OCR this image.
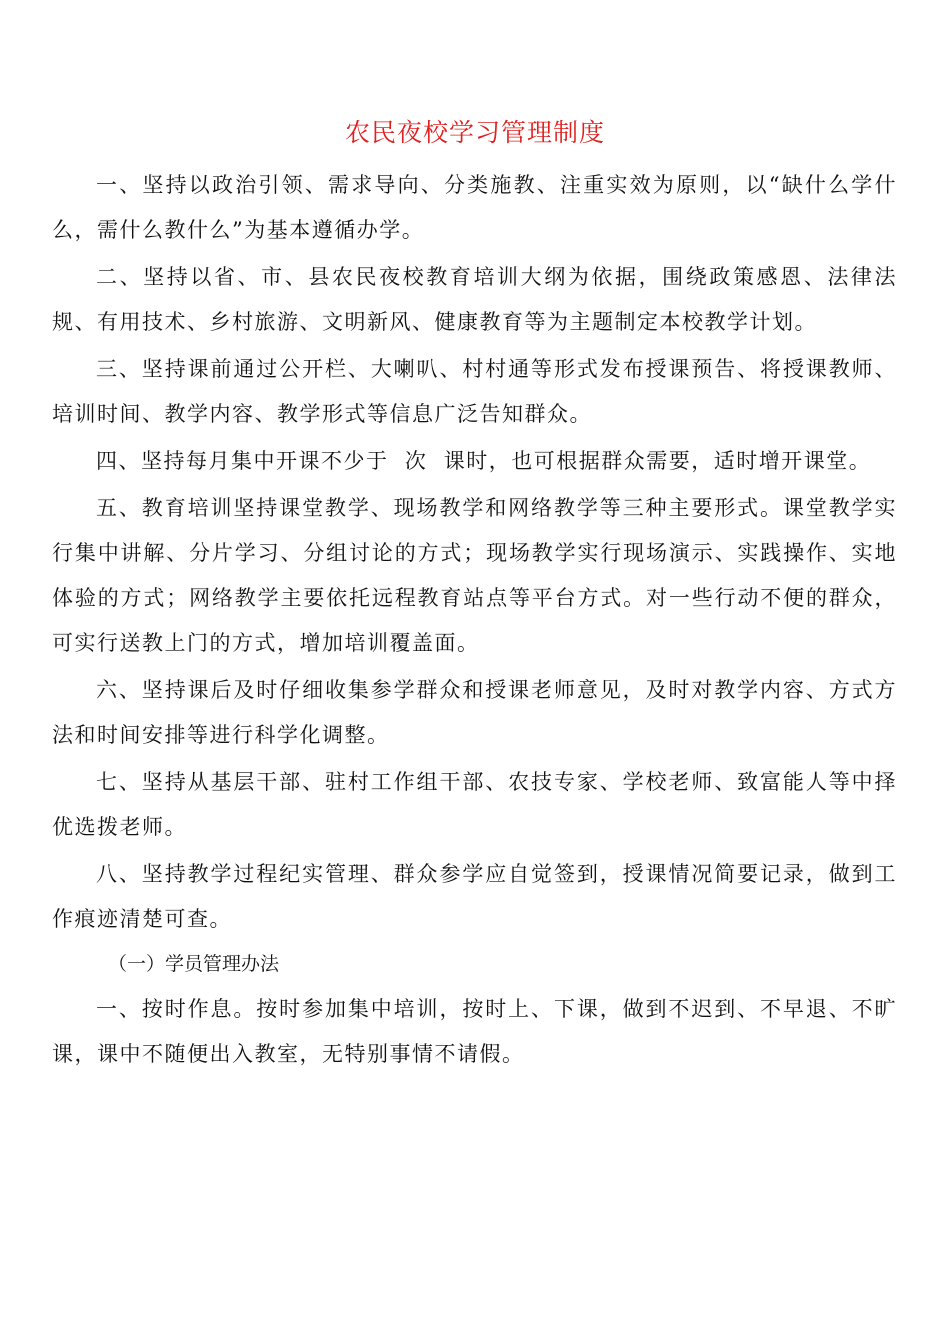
农民夜校学习管理制度

一、坚持以政治引领、需求导向、分类施教、注重实效为原则，以“缺什么学什么，需什么教什么”为基本遵循办学。

二、坚持以省、市、县农民夜校教育培训大纲为依据，围绕政策感恩、法律法规、有用技术、乡村旅游、文明新风、健康教育等为主题制定本校教学计划。

三、坚持课前通过公开栏、大喇叭、村村通等形式发布授课预告、将授课教师、培训时间、教学内容、教学形式等信息广泛告知群众。

四、坚持每月集中开课不少于  次  课时，也可根据群众需要，适时增开课堂。

五、教育培训坚持课堂教学、现场教学和网络教学等三种主要形式。课堂教学实行集中讲解、分片学习、分组讨论的方式；现场教学实行现场演示、实践操作、实地体验的方式；网络教学主要依托远程教育站点等平台方式。对一些行动不便的群众，可实行送教上门的方式，增加培训覆盖面。

六、坚持课后及时仔细收集参学群众和授课老师意见，及时对教学内容、方式方法和时间安排等进行科学化调整。

七、坚持从基层干部、驻村工作组干部、农技专家、学校老师、致富能人等中择优选拨老师。

八、坚持教学过程纪实管理、群众参学应自觉签到，授课情况简要记录，做到工作痕迹清楚可查。

（一）学员管理办法

一、按时作息。按时参加集中培训，按时上、下课，做到不迟到、不早退、不旷课，课中不随便出入教室，无特别事情不请假。
